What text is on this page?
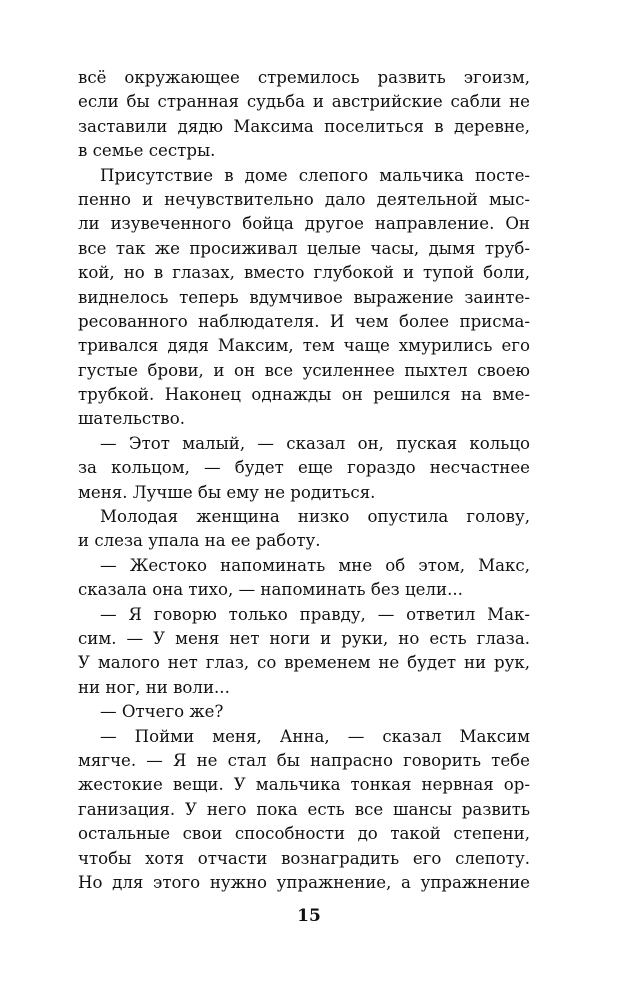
всё окружающее стремилось развить эгоизм,
если бы странная судьба и австрийские сабли не
заставили дядю Максима поселиться в деревне,
в семье сестры.
Присутствие в доме слепого мальчика посте-
пенно и нечувствительно дало деятельной мыс-
ли изувеченного бойца другое направление. Он
все так же просиживал целые часы, дымя труб-
кой, но в глазах, вместо глубокой и тупой боли,
виднелось теперь вдумчивое выражение заинте-
ресованного наблюдателя. И чем более присма-
тривался дядя Максим, тем чаще хмурились его
густые брови, и он все усиленнее пыхтел своею
трубкой. Наконец однажды он решился на вме-
шательство.
— Этот малый, — сказал он, пуская кольцо
за кольцом, — будет еще гораздо несчастнее
меня. Лучше бы ему не родиться.
Молодая женщина низко опустила голову,
и слеза упала на ее работу.
— Жестоко напоминать мне об этом, Макс,
сказала она тихо, — напоминать без цели...
— Я говорю только правду, — ответил Мак-
сим. — У меня нет ноги и руки, но есть глаза.
У малого нет глаз, со временем не будет ни рук,
ни ног, ни воли...
— Отчего же?
— Пойми меня, Анна, — сказал Максим
мягче. — Я не стал бы напрасно говорить тебе
жестокие вещи. У мальчика тонкая нервная ор-
ганизация. У него пока есть все шансы развить
остальные свои способности до такой степени,
чтобы хотя отчасти вознаградить его слепоту.
Но для этого нужно упражнение, а упражнение
15
